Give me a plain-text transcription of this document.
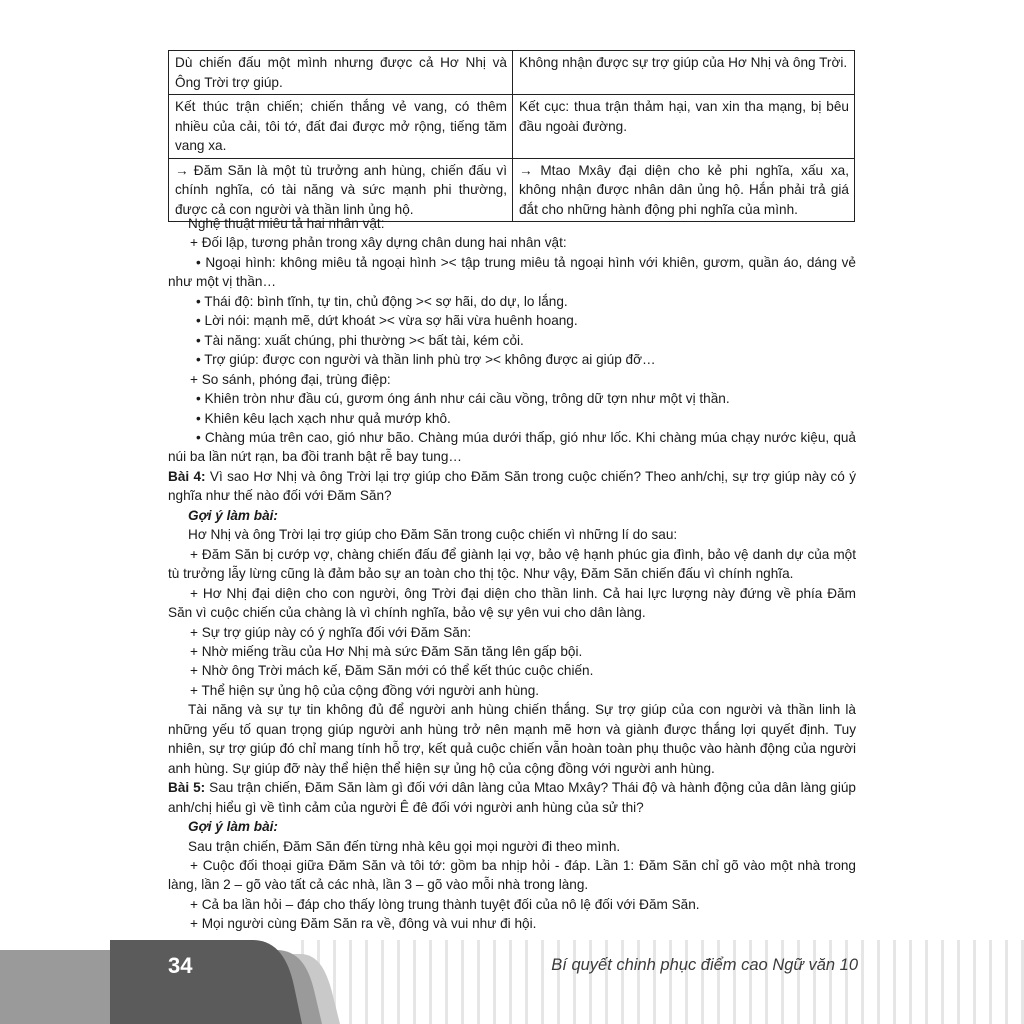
Dù chiến đấu một mình nhưng được cả Hơ Nhị và Ông Trời trợ giúp.	Không nhận được sự trợ giúp của Hơ Nhị và ông Trời.
Kết thúc trận chiến; chiến thắng vẻ vang, có thêm nhiều của cải, tôi tớ, đất đai được mở rộng, tiếng tăm vang xa.	Kết cục: thua trận thảm hại, van xin tha mạng, bị bêu đầu ngoài đường.
→ Đăm Săn là một tù trưởng anh hùng, chiến đấu vì chính nghĩa, có tài năng và sức mạnh phi thường, được cả con người và thần linh ủng hộ.	→ Mtao Mxây đại diện cho kẻ phi nghĩa, xấu xa, không nhận được nhân dân ủng hộ. Hắn phải trả giá đắt cho những hành động phi nghĩa của mình.

Nghệ thuật miêu tả hai nhân vật:

+ Đối lập, tương phản trong xây dựng chân dung hai nhân vật:

• Ngoại hình: không miêu tả ngoại hình >< tập trung miêu tả ngoại hình với khiên, gươm, quần áo, dáng vẻ như một vị thần…

• Thái độ: bình tĩnh, tự tin, chủ động >< sợ hãi, do dự, lo lắng.

• Lời nói: mạnh mẽ, dứt khoát >< vừa sợ hãi vừa huênh hoang.

• Tài năng: xuất chúng, phi thường >< bất tài, kém cỏi.

• Trợ giúp: được con người và thần linh phù trợ >< không được ai giúp đỡ…

+ So sánh, phóng đại, trùng điệp:

• Khiên tròn như đầu cú, gươm óng ánh như cái cầu vồng, trông dữ tợn như một vị thần.

• Khiên kêu lạch xạch như quả mướp khô.

• Chàng múa trên cao, gió như bão. Chàng múa dưới thấp, gió như lốc. Khi chàng múa chạy nước kiệu, quả núi ba lần nứt rạn, ba đồi tranh bật rễ bay tung…

Bài 4: Vì sao Hơ Nhị và ông Trời lại trợ giúp cho Đăm Săn trong cuộc chiến? Theo anh/chị, sự trợ giúp này có ý nghĩa như thế nào đối với Đăm Săn?

Gợi ý làm bài:

Hơ Nhị và ông Trời lại trợ giúp cho Đăm Săn trong cuộc chiến vì những lí do sau:

+ Đăm Săn bị cướp vợ, chàng chiến đấu để giành lại vợ, bảo vệ hạnh phúc gia đình, bảo vệ danh dự của một tù trưởng lẫy lừng cũng là đảm bảo sự an toàn cho thị tộc. Như vậy, Đăm Săn chiến đấu vì chính nghĩa.

+ Hơ Nhị đại diện cho con người, ông Trời đại diện cho thần linh. Cả hai lực lượng này đứng về phía Đăm Săn vì cuộc chiến của chàng là vì chính nghĩa, bảo vệ sự yên vui cho dân làng.

+ Sự trợ giúp này có ý nghĩa đối với Đăm Săn:

+ Nhờ miếng trầu của Hơ Nhị mà sức Đăm Săn tăng lên gấp bội.

+ Nhờ ông Trời mách kế, Đăm Săn mới có thể kết thúc cuộc chiến.

+ Thể hiện sự ủng hộ của cộng đồng với người anh hùng.

Tài năng và sự tự tin không đủ để người anh hùng chiến thắng. Sự trợ giúp của con người và thần linh là những yếu tố quan trọng giúp người anh hùng trở nên mạnh mẽ hơn và giành được thắng lợi quyết định. Tuy nhiên, sự trợ giúp đó chỉ mang tính hỗ trợ, kết quả cuộc chiến vẫn hoàn toàn phụ thuộc vào hành động của người anh hùng. Sự giúp đỡ này thể hiện thể hiện sự ủng hộ của cộng đồng với người anh hùng.

Bài 5: Sau trận chiến, Đăm Săn làm gì đối với dân làng của Mtao Mxây? Thái độ và hành động của dân làng giúp anh/chị hiểu gì về tình cảm của người Ê đê đối với người anh hùng của sử thi?

Gợi ý làm bài:

Sau trận chiến, Đăm Săn đến từng nhà kêu gọi mọi người đi theo mình.

+ Cuộc đối thoại giữa Đăm Săn và tôi tớ: gồm ba nhịp hỏi - đáp. Lần 1: Đăm Săn chỉ gõ vào một nhà trong làng, lần 2 – gõ vào tất cả các nhà, lần 3 – gõ vào mỗi nhà trong làng.

+ Cả ba lần hỏi – đáp cho thấy lòng trung thành tuyệt đối của nô lệ đối với Đăm Săn.

+ Mọi người cùng Đăm Săn ra về, đông và vui như đi hội.

34	Bí quyết chinh phục điểm cao Ngữ văn 10
